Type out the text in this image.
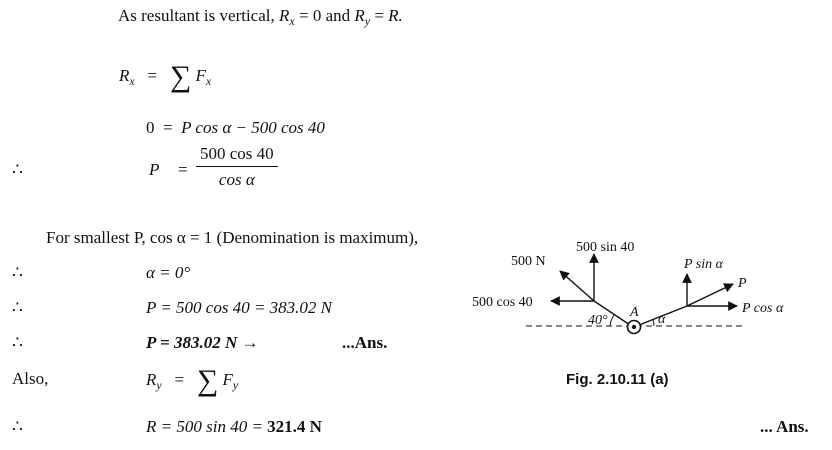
As resultant is vertical, $R_x = 0$ and $R_y = R$.
$R_x$ = ∑ $F_x$
0 = P cos α − 500 cos 40
∴	$P = \frac{500 \cos 40}{\text{cos α}}$
For smallest P, cos α = 1 (Denomination is maximum),
∴	α = 0°
∴	P = 500 cos 40 = 383.02 N
∴	P = 383.02 N →	...Ans.
Also,	$R_y$ = ∑ $F_y$
∴	R = 500 sin 40 = 321.4 N	... Ans.
500 N
500 sin 40
500 cos 40
P sin α
P
P cos α
A
40°	α
Fig. 2.10.11 (a)
